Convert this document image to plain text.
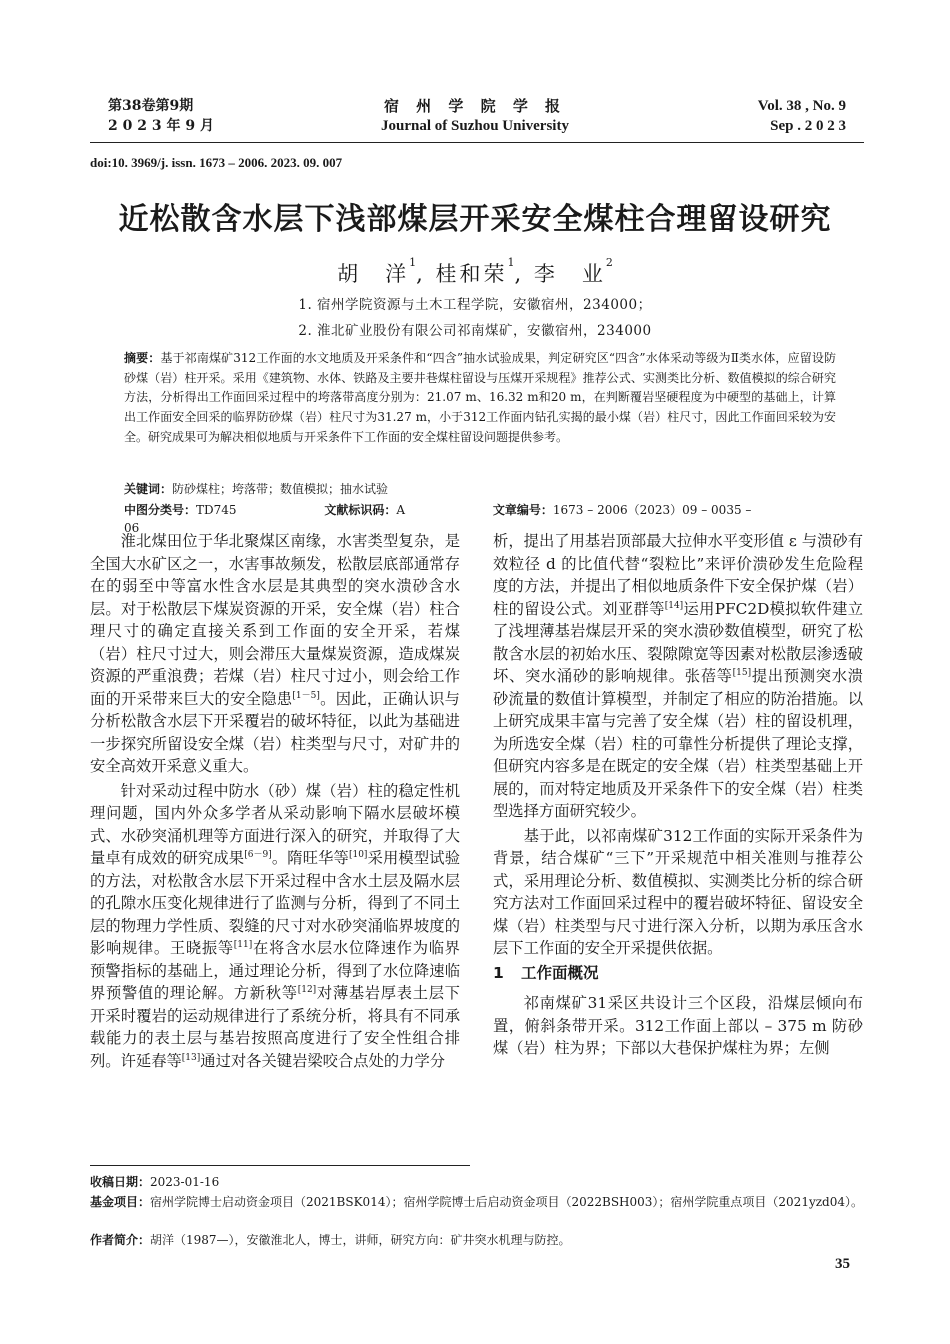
第38卷第9期
2 0 2 3 年 9 月
宿 州 学 院 学 报
Journal of Suzhou University
Vol. 38 , No. 9
Sep . 2 0 2 3
doi:10. 3969/j. issn. 1673 – 2006. 2023. 09. 007
近松散含水层下浅部煤层开采安全煤柱合理留设研究
胡　洋$^1$, 桂和荣$^1$, 李　业$^2$
1. 宿州学院资源与土木工程学院，安徽宿州，234000；
2. 淮北矿业股份有限公司祁南煤矿，安徽宿州，234000
摘要：基于祁南煤矿312工作面的水文地质及开采条件和“四含”抽水试验成果，判定研究区“四含”水体采动等级为Ⅱ类水体，应留设防砂煤（岩）柱开采。采用《建筑物、水体、铁路及主要井巷煤柱留设与压煤开采规程》推荐公式、实测类比分析、数值模拟的综合研究方法，分析得出工作面回采过程中的垮落带高度分别为：21.07 m、16.32 m和20 m，在判断覆岩坚硬程度为中硬型的基础上，计算出工作面安全回采的临界防砂煤（岩）柱尺寸为31.27 m，小于312工作面内钻孔实揭的最小煤（岩）柱尺寸，因此工作面回采较为安全。研究成果可为解决相似地质与开采条件下工作面的安全煤柱留设问题提供参考。
关键词：防砂煤柱；垮落带；数值模拟；抽水试验
中图分类号：TD745	文献标识码：A	文章编号：1673 – 2006（2023）09 – 0035 – 06

淮北煤田位于华北聚煤区南缘，水害类型复杂，是全国大水矿区之一，水害事故频发，松散层底部通常存在的弱至中等富水性含水层是其典型的突水溃砂含水层。对于松散层下煤炭资源的开采，安全煤（岩）柱合理尺寸的确定直接关系到工作面的安全开采，若煤（岩）柱尺寸过大，则会滞压大量煤炭资源，造成煤炭资源的严重浪费；若煤（岩）柱尺寸过小，则会给工作面的开采带来巨大的安全隐患[1－5]。因此，正确认识与分析松散含水层下开采覆岩的破坏特征，以此为基础进一步探究所留设安全煤（岩）柱类型与尺寸，对矿井的安全高效开采意义重大。

针对采动过程中防水（砂）煤（岩）柱的稳定性机理问题，国内外众多学者从采动影响下隔水层破坏模式、水砂突涌机理等方面进行深入的研究，并取得了大量卓有成效的研究成果[6－9]。隋旺华等[10]采用模型试验的方法，对松散含水层下开采过程中含水土层及隔水层的孔隙水压变化规律进行了监测与分析，得到了不同土层的物理力学性质、裂缝的尺寸对水砂突涌临界坡度的影响规律。王晓振等[11]在将含水层水位降速作为临界预警指标的基础上，通过理论分析，得到了水位降速临界预警值的理论解。方新秋等[12]对薄基岩厚表土层下开采时覆岩的运动规律进行了系统分析，将具有不同承载能力的表土层与基岩按照高度进行了安全性组合排列。许延春等[13]通过对各关键岩梁咬合点处的力学分

析，提出了用基岩顶部最大拉伸水平变形值 ε 与溃砂有效粒径 d 的比值代替“裂粒比”来评价溃砂发生危险程度的方法，并提出了相似地质条件下安全保护煤（岩）柱的留设公式。刘亚群等[14]运用PFC2D模拟软件建立了浅埋薄基岩煤层开采的突水溃砂数值模型，研究了松散含水层的初始水压、裂隙隙宽等因素对松散层渗透破坏、突水涌砂的影响规律。张蓓等[15]提出预测突水溃砂流量的数值计算模型，并制定了相应的防治措施。以上研究成果丰富与完善了安全煤（岩）柱的留设机理，为所选安全煤（岩）柱的可靠性分析提供了理论支撑，但研究内容多是在既定的安全煤（岩）柱类型基础上开展的，而对特定地质及开采条件下的安全煤（岩）柱类型选择方面研究较少。

基于此，以祁南煤矿312工作面的实际开采条件为背景，结合煤矿“三下”开采规范中相关准则与推荐公式，采用理论分析、数值模拟、实测类比分析的综合研究方法对工作面回采过程中的覆岩破坏特征、留设安全煤（岩）柱类型与尺寸进行深入分析，以期为承压含水层下工作面的安全开采提供依据。

1 工作面概况

祁南煤矿31采区共设计三个区段，沿煤层倾向布置，俯斜条带开采。312工作面上部以 – 375 m 防砂煤（岩）柱为界；下部以大巷保护煤柱为界；左侧

收稿日期：2023-01-16
基金项目：宿州学院博士启动资金项目（2021BSK014）；宿州学院博士后启动资金项目（2022BSH003）；宿州学院重点项目（2021yzd04）。
作者简介：胡洋（1987—），安徽淮北人，博士，讲师，研究方向：矿井突水机理与防控。
35
